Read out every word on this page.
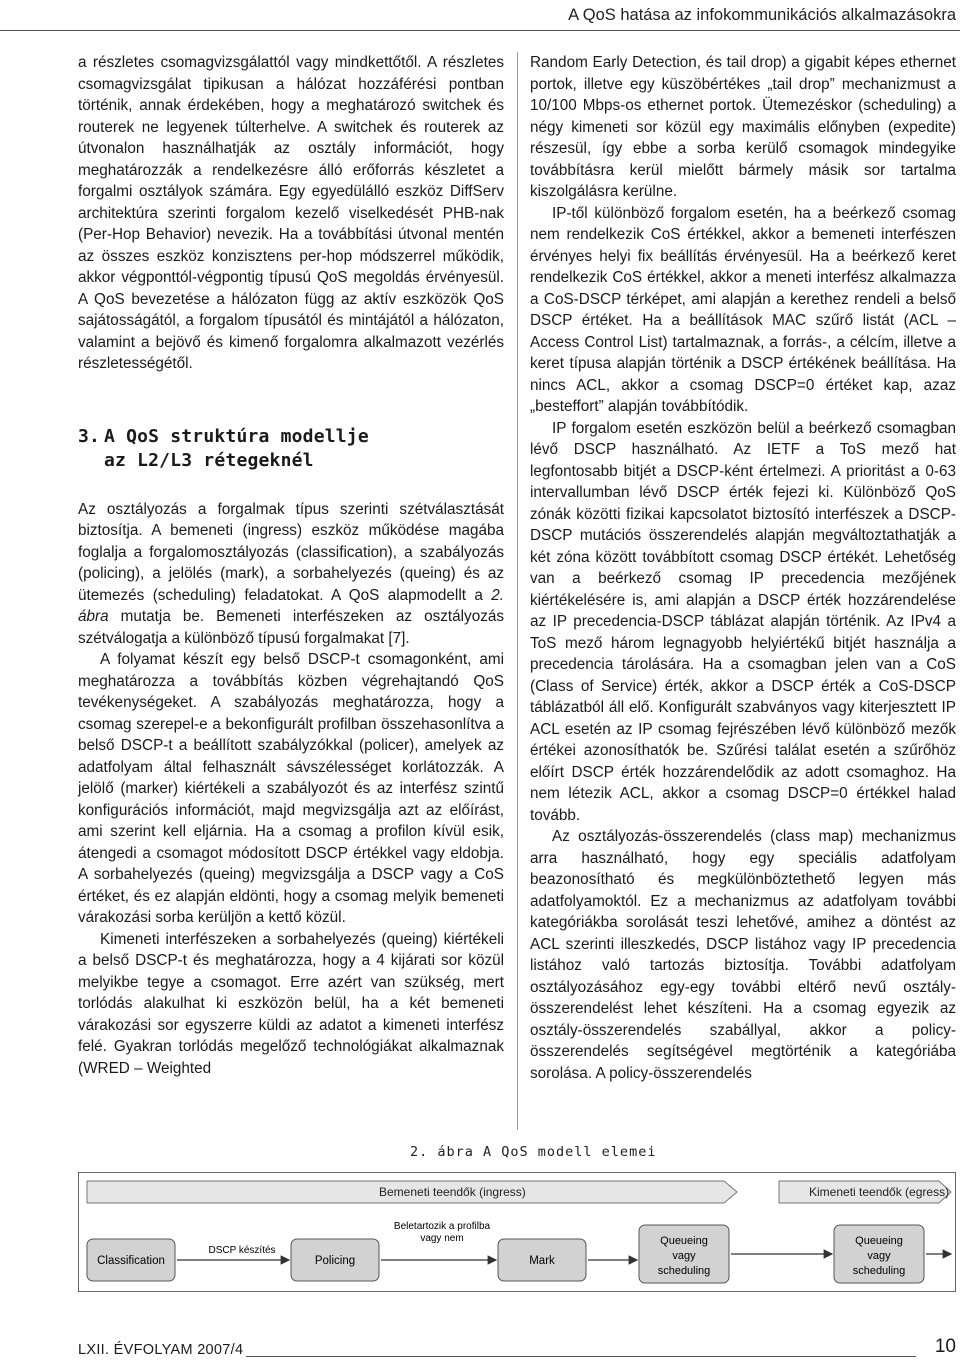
A QoS hatása az infokommunikációs alkalmazásokra

a részletes csomagvizsgálattól vagy mindkettőtől. A részletes csomagvizsgálat tipikusan a hálózat hozzáférési pontban történik, annak érdekében, hogy a meghatározó switchek és routerek ne legyenek túlterhelve. A switchek és routerek az útvonalon használhatják az osztály információt, hogy meghatározzák a rendelkezésre álló erőforrás készletet a forgalmi osztályok számára. Egy egyedülálló eszköz DiffServ architektúra szerinti forgalom kezelő viselkedését PHB-nak (Per-Hop Behavior) nevezik. Ha a továbbítási útvonal mentén az összes eszköz konzisztens per-hop módszerrel működik, akkor végponttól-végpontig típusú QoS megoldás érvényesül. A QoS bevezetése a hálózaton függ az aktív eszközök QoS sajátosságától, a forgalom típusától és mintájától a hálózaton, valamint a bejövő és kimenő forgalomra alkalmazott vezérlés részletességétől.

3. A QoS struktúra modellje
az L2/L3 rétegeknél

Az osztályozás a forgalmak típus szerinti szétválasztását biztosítja. A bemeneti (ingress) eszköz működése magába foglalja a forgalomosztályozás (classification), a szabályozás (policing), a jelölés (mark), a sorbahelyezés (queing) és az ütemezés (scheduling) feladatokat. A QoS alapmodellt a 2. ábra mutatja be. Bemeneti interfészeken az osztályozás szétválogatja a különböző típusú forgalmakat [7].

A folyamat készít egy belső DSCP-t csomagonként, ami meghatározza a továbbítás közben végrehajtandó QoS tevékenységeket. A szabályozás meghatározza, hogy a csomag szerepel-e a bekonfigurált profilban összehasonlítva a belső DSCP-t a beállított szabályzókkal (policer), amelyek az adatfolyam által felhasznált sávszélességet korlátozzák. A jelölő (marker) kiértékeli a szabályozót és az interfész szintű konfigurációs információt, majd megvizsgálja azt az előírást, ami szerint kell eljárnia. Ha a csomag a profilon kívül esik, átengedi a csomagot módosított DSCP értékkel vagy eldobja. A sorbahelyezés (queing) megvizsgálja a DSCP vagy a CoS értéket, és ez alapján eldönti, hogy a csomag melyik bemeneti várakozási sorba kerüljön a kettő közül.

Kimeneti interfészeken a sorbahelyezés (queing) kiértékeli a belső DSCP-t és meghatározza, hogy a 4 kijárati sor közül melyikbe tegye a csomagot. Erre azért van szükség, mert torlódás alakulhat ki eszközön belül, ha a két bemeneti várakozási sor egyszerre küldi az adatot a kimeneti interfész felé. Gyakran torlódás megelőző technológiákat alkalmaznak (WRED – Weighted

Random Early Detection, és tail drop) a gigabit képes ethernet portok, illetve egy küszöbértékes „tail drop” mechanizmust a 10/100 Mbps-os ethernet portok. Ütemezéskor (scheduling) a négy kimeneti sor közül egy maximális előnyben (expedite) részesül, így ebbe a sorba kerülő csomagok mindegyike továbbításra kerül mielőtt bármely másik sor tartalma kiszolgálásra kerülne.

IP-től különböző forgalom esetén, ha a beérkező csomag nem rendelkezik CoS értékkel, akkor a bemeneti interfészen érvényes helyi fix beállítás érvényesül. Ha a beérkező keret rendelkezik CoS értékkel, akkor a meneti interfész alkalmazza a CoS-DSCP térképet, ami alapján a kerethez rendeli a belső DSCP értéket. Ha a beállítások MAC szűrő listát (ACL – Access Control List) tartalmaznak, a forrás-, a célcím, illetve a keret típusa alapján történik a DSCP értékének beállítása. Ha nincs ACL, akkor a csomag DSCP=0 értéket kap, azaz „besteffort” alapján továbbítódik.

IP forgalom esetén eszközön belül a beérkező csomagban lévő DSCP használható. Az IETF a ToS mező hat legfontosabb bitjét a DSCP-ként értelmezi. A prioritást a 0-63 intervallumban lévő DSCP érték fejezi ki. Különböző QoS zónák közötti fizikai kapcsolatot biztosító interfészek a DSCP-DSCP mutációs összerendelés alapján megváltoztathatják a két zóna között továbbított csomag DSCP értékét. Lehetőség van a beérkező csomag IP precedencia mezőjének kiértékelésére is, ami alapján a DSCP érték hozzárendelése az IP precedencia-DSCP táblázat alapján történik. Az IPv4 a ToS mező három legnagyobb helyiértékű bitjét használja a precedencia tárolására. Ha a csomagban jelen van a CoS (Class of Service) érték, akkor a DSCP érték a CoS-DSCP táblázatból áll elő. Konfigurált szabványos vagy kiterjesztett IP ACL esetén az IP csomag fejrészében lévő különböző mezők értékei azonosíthatók be. Szűrési találat esetén a szűrőhöz előírt DSCP érték hozzárendelődik az adott csomaghoz. Ha nem létezik ACL, akkor a csomag DSCP=0 értékkel halad tovább.

Az osztályozás-összerendelés (class map) mechanizmus arra használható, hogy egy speciális adatfolyam beazonosítható és megkülönböztethető legyen más adatfolyamoktól. Ez a mechanizmus az adatfolyam további kategóriákba sorolását teszi lehetővé, amihez a döntést az ACL szerinti illeszkedés, DSCP listához vagy IP precedencia listához való tartozás biztosítja. További adatfolyam osztályozásához egy-egy további eltérő nevű osztály-összerendelést lehet készíteni. Ha a csomag egyezik az osztály-összerendelés szabállyal, akkor a policy-összerendelés segítségével megtörténik a kategóriába sorolása. A policy-összerendelés

2. ábra A QoS modell elemei
Bemeneti teendők (ingress)	Kimeneti teendők (egress)
Classification
DSCP készítés
Policing
Beletartozik a profilba
vagy nem
Mark
Queueing
vagy
scheduling
Queueing
vagy
scheduling
LXII. ÉVFOLYAM 2007/4	10
